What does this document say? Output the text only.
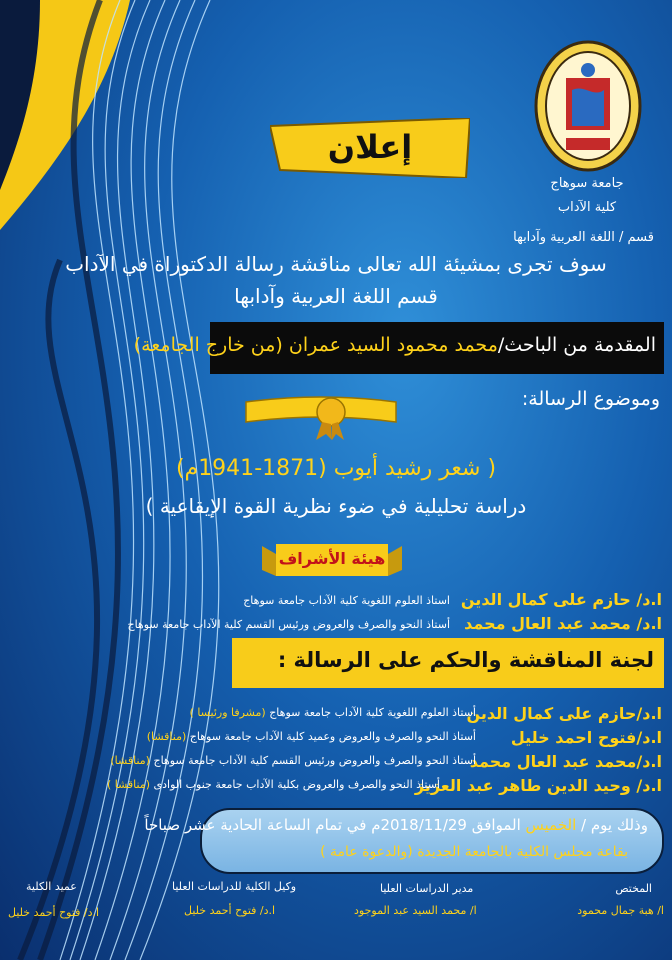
جامعة سوهاج
كلية الآداب
قسم / اللغة العربية وآدابها
إعلان
سوف تجرى بمشيئة الله تعالى مناقشة رسالة الدكتوراة في الآداب
قسم اللغة العربية وآدابها
المقدمة من الباحث/محمد محمود السيد عمران (من خارج الجامعة)
وموضوع الرسالة:
( شعر رشيد أيوب (1871-1941م)
دراسة تحليلية في ضوء نظرية القوة الإيقاعية )
هيئة الأشراف
ا.د/ حازم على كمال الدين
استاذ العلوم اللغوية كلية الآداب جامعة سوهاج
ا.د/ محمد عبد العال محمد
أستاذ النحو والصرف والعروض ورئيس القسم كلية الآداب جامعة سوهاج
لجنة المناقشة والحكم على الرسالة :
ا.د/حازم على كمال الدين
أستاذ العلوم اللغوية كلية الآداب جامعة سوهاج (مشرفا ورئيسا )
ا.د/فتوح احمد خليل
أستاذ النحو والصرف والعروض وعميد كلية الآداب جامعة سوهاج (مناقشا)
ا.د/محمد عبد العال محمد
أستاذ النحو والصرف والعروض ورئيس القسم كلية الآداب جامعة سوهاج (مناقشا)
ا.د/ وحيد الدين طاهر عبد العزيز
أستاذ النحو والصرف والعروض بكلية الآداب جامعة جنوب الوادى (مناقشا )
وذلك يوم / الخميس الموافق 2018/11/29م في تمام الساعة الحادية عشر صباحاً
بقاعة مجلس الكلية بالجامعة الجديدة (والدعوة عامة )
عميد الكلية
ا.د/ فتوح أحمد خليل
وكيل الكلية للدراسات العليا
ا.د/ فتوح أحمد خليل
مدير الدراسات العليا
ا/ محمد السيد عبد الموجود
المختص
ا/ هبة جمال محمود
